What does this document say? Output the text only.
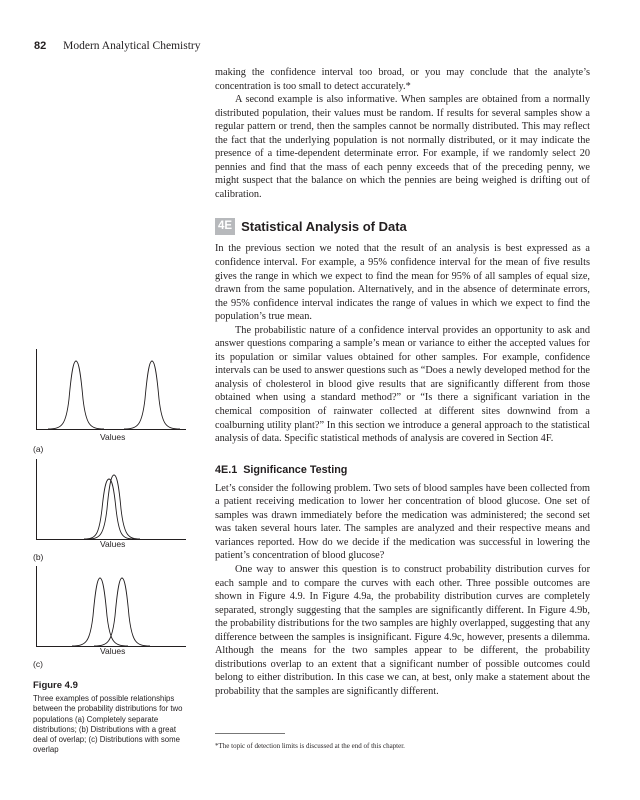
82 Modern Analytical Chemistry

making the confidence interval too broad, or you may conclude that the analyte’s concentration is too small to detect accurately.*

A second example is also informative. When samples are obtained from a normally distributed population, their values must be random. If results for several samples show a regular pattern or trend, then the samples cannot be normally distributed. This may reflect the fact that the underlying population is not normally distributed, or it may indicate the presence of a time-dependent determinate error. For example, if we randomly select 20 pennies and find that the mass of each penny exceeds that of the preceding penny, we might suspect that the balance on which the pennies are being weighed is drifting out of calibration.

4E Statistical Analysis of Data

In the previous section we noted that the result of an analysis is best expressed as a confidence interval. For example, a 95% confidence interval for the mean of five results gives the range in which we expect to find the mean for 95% of all samples of equal size, drawn from the same population. Alternatively, and in the absence of determinate errors, the 95% confidence interval indicates the range of values in which we expect to find the population’s true mean.

The probabilistic nature of a confidence interval provides an opportunity to ask and answer questions comparing a sample’s mean or variance to either the accepted values for its population or similar values obtained for other samples. For example, confidence intervals can be used to answer questions such as “Does a newly developed method for the analysis of cholesterol in blood give results that are significantly different from those obtained when using a standard method?” or “Is there a significant variation in the chemical composition of rainwater collected at different sites downwind from a coalburning utility plant?” In this section we introduce a general approach to the statistical analysis of data. Specific statistical methods of analysis are covered in Section 4F.

4E.1 Significance Testing

Let’s consider the following problem. Two sets of blood samples have been collected from a patient receiving medication to lower her concentration of blood glucose. One set of samples was drawn immediately before the medication was administered; the second set was taken several hours later. The samples are analyzed and their respective means and variances reported. How do we decide if the medication was successful in lowering the patient’s concentration of blood glucose?

One way to answer this question is to construct probability distribution curves for each sample and to compare the curves with each other. Three possible outcomes are shown in Figure 4.9. In Figure 4.9a, the probability distribution curves are completely separated, strongly suggesting that the samples are significantly different. In Figure 4.9b, the probability distributions for the two samples are highly overlapped, suggesting that any difference between the samples is insignificant. Figure 4.9c, however, presents a dilemma. Although the means for the two samples appear to be different, the probability distributions overlap to an extent that a significant number of possible outcomes could belong to either distribution. In this case we can, at best, only make a statement about the probability that the samples are significantly different.

*The topic of detection limits is discussed at the end of this chapter.
Values
(a)
Values
(b)
Values
(c)
Figure 4.9
Three examples of possible relationships between the probability distributions for two populations (a) Completely separate distributions; (b) Distributions with a great deal of overlap; (c) Distributions with some overlap
